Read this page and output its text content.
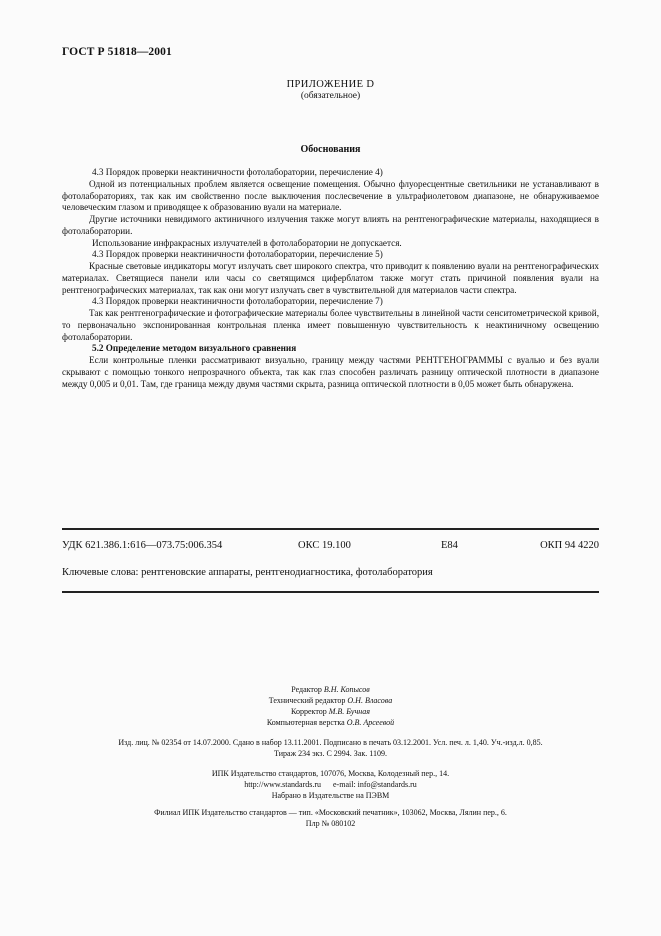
ГОСТ Р 51818—2001
ПРИЛОЖЕНИЕ D
(обязательное)
Обоснования

4.3 Порядок проверки неактиничности фотолаборатории, перечисление 4)

Одной из потенциальных проблем является освещение помещения. Обычно флуоресцентные светильники не устанавливают в фотолабораториях, так как им свойственно после выключения послесвечение в ультрафиолетовом диапазоне, не обнаруживаемое человеческим глазом и приводящее к образованию вуали на материале.

Другие источники невидимого актиничного излучения также могут влиять на рентгенографические материалы, находящиеся в фотолаборатории.

Использование инфракрасных излучателей в фотолаборатории не допускается.

4.3 Порядок проверки неактиничности фотолаборатории, перечисление 5)

Красные световые индикаторы могут излучать свет широкого спектра, что приводит к появлению вуали на рентгенографических материалах. Светящиеся панели или часы со светящимся циферблатом также могут стать причиной появления вуали на рентгенографических материалах, так как они могут излучать свет в чувствительной для материалов части спектра.

4.3 Порядок проверки неактиничности фотолаборатории, перечисление 7)

Так как рентгенографические и фотографические материалы более чувствительны в линейной части сенситометрической кривой, то первоначально экспонированная контрольная пленка имеет повышенную чувствительность к неактиничному освещению фотолаборатории.

5.2 Определение методом визуального сравнения

Если контрольные пленки рассматривают визуально, границу между частями РЕНТГЕНОГРАММЫ с вуалью и без вуали скрывают с помощью тонкого непрозрачного объекта, так как глаз способен различать разницу оптической плотности в диапазоне между 0,005 и 0,01. Там, где граница между двумя частями скрыта, разница оптической плотности в 0,05 может быть обнаружена.

УДК 621.386.1:616—073.75:006.354	ОКС 19.100	Е84	ОКП 94 4220
Ключевые слова: рентгеновские аппараты, рентгенодиагностика, фотолаборатория
Редактор В.Н. Копысов
Технический редактор О.Н. Власова
Корректор М.В. Бучная
Компьютерная верстка О.В. Арсеевой
Изд. лиц. № 02354 от 14.07.2000. Сдано в набор 13.11.2001. Подписано в печать 03.12.2001. Усл. печ. л. 1,40. Уч.-изд.л. 0,85.
Тираж 234 экз. С 2994. Зак. 1109.
ИПК Издательство стандартов, 107076, Москва, Колодезный пер., 14.
http://www.standards.ru      e-mail: info@standards.ru
Набрано в Издательстве на ПЭВМ
Филиал ИПК Издательство стандартов — тип. «Московский печатник», 103062, Москва, Лялин пер., 6.
Плр № 080102
